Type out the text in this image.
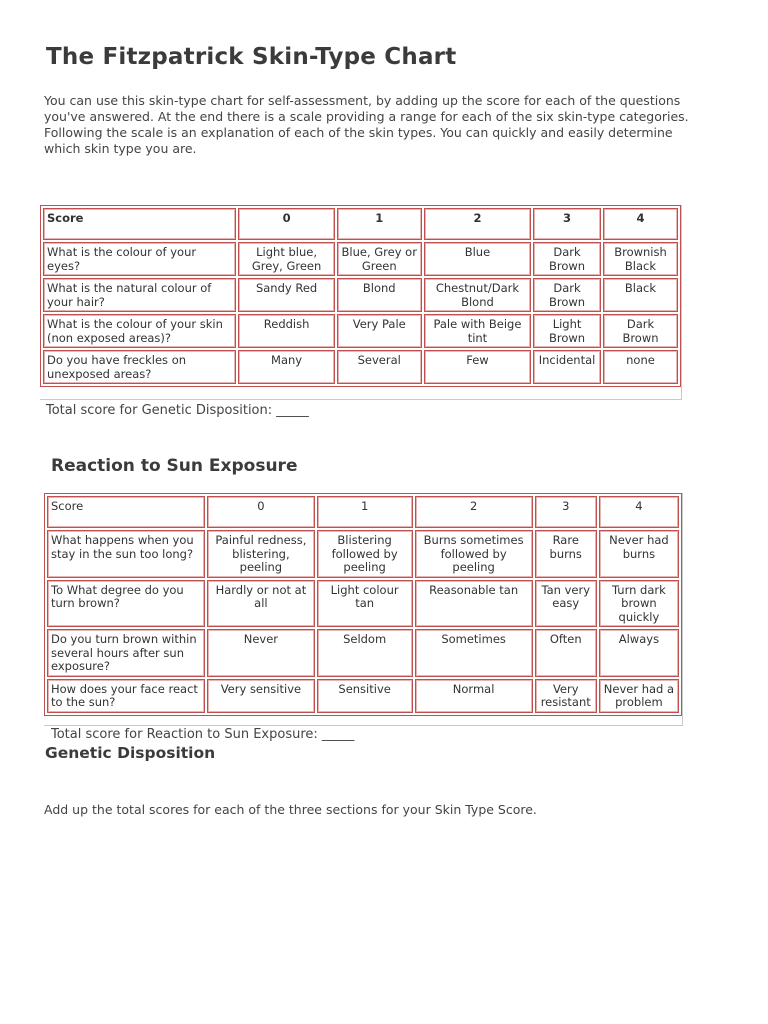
The Fitzpatrick Skin-Type Chart
You can use this skin-type chart for self-assessment, by adding up the score for each of the questions
you've answered. At the end there is a scale providing a range for each of the six skin-type categories.
Following the scale is an explanation of each of the skin types. You can quickly and easily determine
which skin type you are.
Score	0	1	2	3	4
What is the colour of your eyes?	Light blue, Grey, Green	Blue, Grey or Green	Blue	Dark Brown	Brownish Black
What is the natural colour of your hair?	Sandy Red	Blond	Chestnut/Dark Blond	Dark Brown	Black
What is the colour of your skin (non exposed areas)?	Reddish	Very Pale	Pale with Beige tint	Light Brown	Dark Brown
Do you have freckles on unexposed areas?	Many	Several	Few	Incidental	none
Total score for Genetic Disposition: _____
Reaction to Sun Exposure
Score	0	1	2	3	4
What happens when you stay in the sun too long?	Painful redness, blistering, peeling	Blistering followed by peeling	Burns sometimes followed by peeling	Rare burns	Never had burns
To What degree do you turn brown?	Hardly or not at all	Light colour tan	Reasonable tan	Tan very easy	Turn dark brown quickly
Do you turn brown within several hours after sun exposure?	Never	Seldom	Sometimes	Often	Always
How does your face react to the sun?	Very sensitive	Sensitive	Normal	Very resistant	Never had a problem
Total score for Reaction to Sun Exposure: _____
Genetic Disposition
Add up the total scores for each of the three sections for your Skin Type Score.
